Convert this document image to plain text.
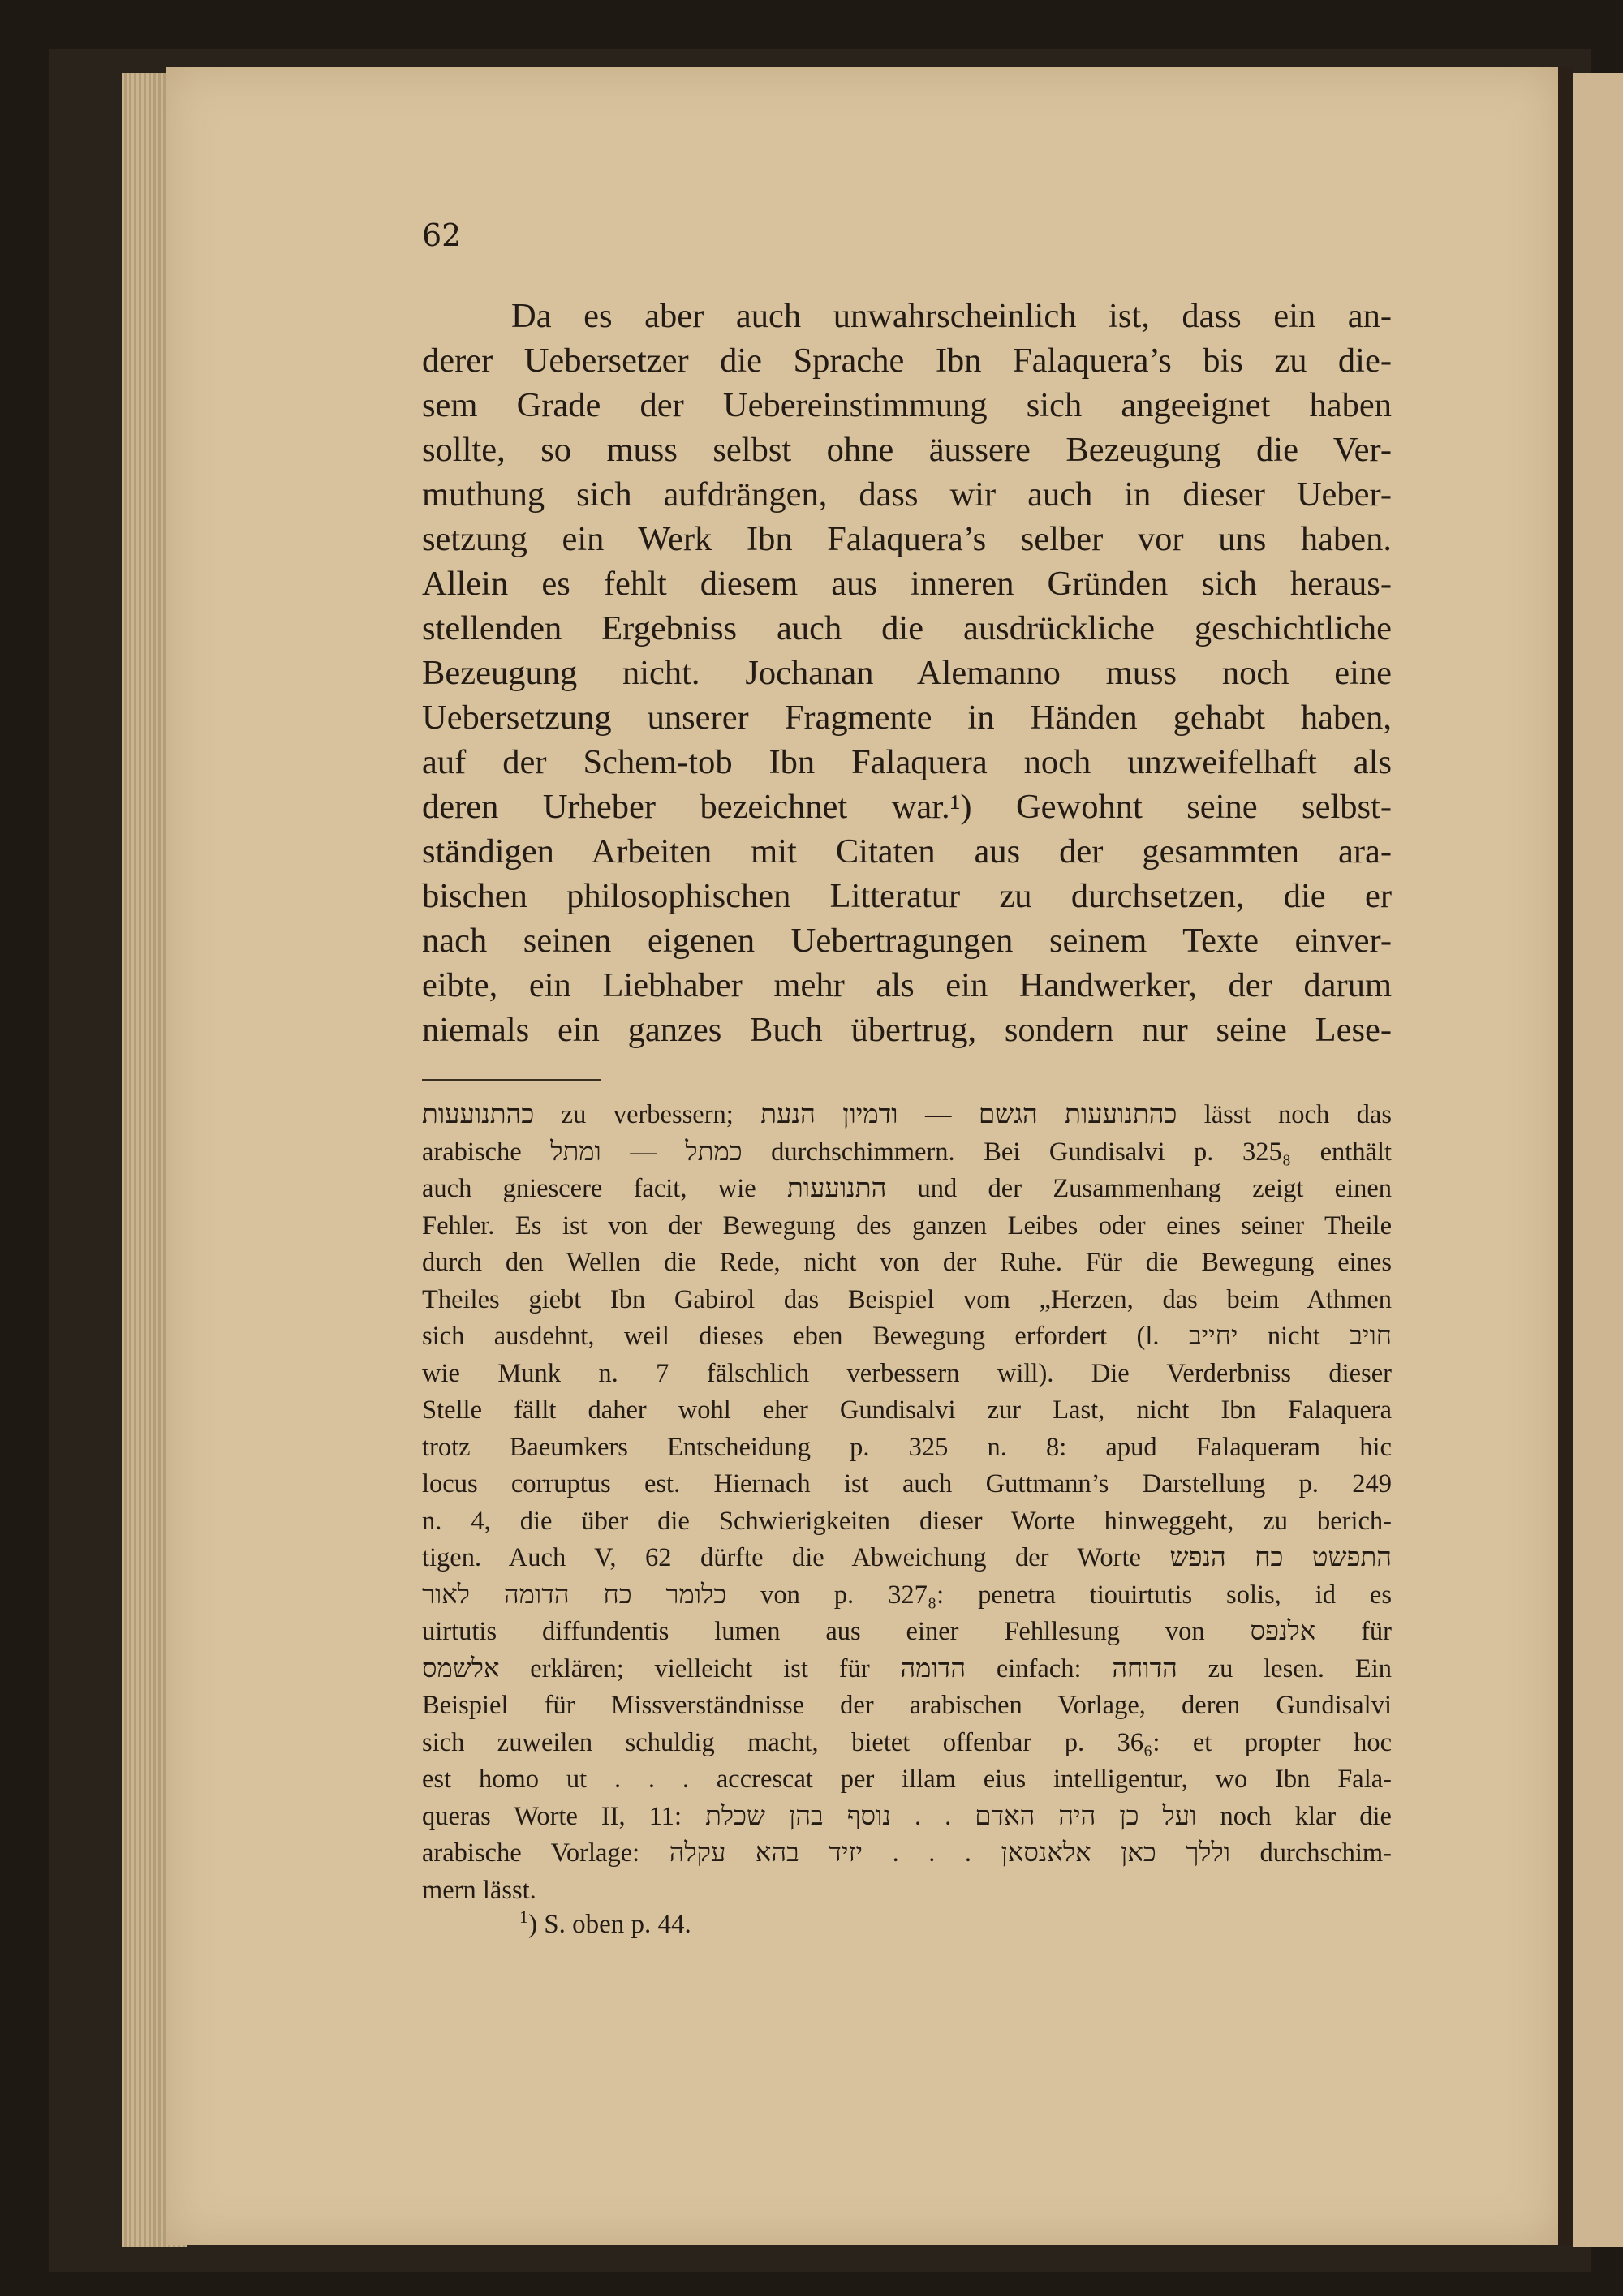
62
Da es aber auch unwahrscheinlich ist, dass ein an-
derer Uebersetzer die Sprache Ibn Falaquera’s bis zu die-
sem Grade der Uebereinstimmung sich angeeignet haben
sollte, so muss selbst ohne äussere Bezeugung die Ver-
muthung sich aufdrängen, dass wir auch in dieser Ueber-
setzung ein Werk Ibn Falaquera’s selber vor uns haben.
Allein es fehlt diesem aus inneren Gründen sich heraus-
stellenden Ergebniss auch die ausdrückliche geschichtliche
Bezeugung nicht. Jochanan Alemanno muss noch eine
Uebersetzung unserer Fragmente in Händen gehabt haben,
auf der Schem-tob Ibn Falaquera noch unzweifelhaft als
deren Urheber bezeichnet war.¹) Gewohnt seine selbst-
ständigen Arbeiten mit Citaten aus der gesammten ara-
bischen philosophischen Litteratur zu durchsetzen, die er
nach seinen eigenen Uebertragungen seinem Texte einver-
eibte, ein Liebhaber mehr als ein Handwerker, der darum
niemals ein ganzes Buch übertrug, sondern nur seine Lese-
כהתנועעות zu verbessern; כהתנועעות הגשם — ודמיון הנעת lässt noch das
arabische כמתל — ומתל durchschimmern. Bei Gundisalvi p. 325₈ enthält
auch gniescere facit, wie התנועעות und der Zusammenhang zeigt einen
Fehler. Es ist von der Bewegung des ganzen Leibes oder eines seiner Theile
durch den Wellen die Rede, nicht von der Ruhe. Für die Bewegung eines
Theiles giebt Ibn Gabirol das Beispiel vom „Herzen, das beim Athmen
sich ausdehnt, weil dieses eben Bewegung erfordert (l. יחייב nicht חויב
wie Munk n. 7 fälschlich verbessern will). Die Verderbniss dieser
Stelle fällt daher wohl eher Gundisalvi zur Last, nicht Ibn Falaquera
trotz Baeumkers Entscheidung p. 325 n. 8: apud Falaqueram hic
locus corruptus est. Hiernach ist auch Guttmann’s Darstellung p. 249
n. 4, die über die Schwierigkeiten dieser Worte hinweggeht, zu berich-
tigen. Auch V, 62 dürfte die Abweichung der Worte התפשט כח הנפש
כלומר כח הדומה לאור von p. 327₈: penetra tiouirtutis solis, id es
uirtutis diffundentis lumen aus einer Fehllesung von אלנפס für
אלשמס erklären; vielleicht ist für הדומה einfach: הדוחה zu lesen. Ein
Beispiel für Missverständnisse der arabischen Vorlage, deren Gundisalvi
sich zuweilen schuldig macht, bietet offenbar p. 36₆: et propter hoc
est homo ut . . . accrescat per illam eius intelligentur, wo Ibn Fala-
queras Worte II, 11: ועל כן היה האדם . . נוסף בהן שכלת noch klar die
arabische Vorlage: וללך כאן אלאנסאן . . . יזיד בהא עקלה durchschim-
mern lässt.
$^1$) S. oben p. 44.
